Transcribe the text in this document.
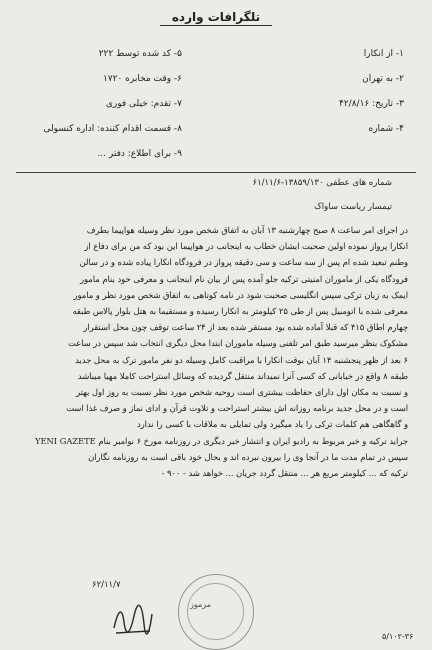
تلگرافات وارده
۱- از انکارا
۲- به تهران
۳- تاریخ: ۴۲/۸/۱۶
۴- شماره
۵- کد شده توسط ۲۲۲
۶- وقت مخابره ۱۷۲۰
۷- تقدم: خیلی فوری
۸- قسمت اقدام کننده: اداره کنسولی
۹- برای اطلاع: دفتر ...
شماره های عطفی ۱۳۸۵۹/۱۳۰-۶۱/۱۱/۶
تیمسار ریاست ساواک
در اجرای امر ساعت ۸ صبح چهارشنبه ۱۳ آبان به اتفاق شخص مورد نظر وسیله هواپیما بطرف
انکارا پرواز نموده اولین صحبت ایشان خطاب به اینجانب در هواپیما این بود که من برای دفاع از
وطنم تبعید شده ام پس از سه ساعت و سی دقیقه پرواز در فرودگاه انکارا پیاده شده و در سالن
فرودگاه یکی از ماموران امنیتی ترکیه جلو آمده پس از بیان نام اینجانب و معرفی خود بنام مامور
ایمک به زبان ترکی سپس انگلیسی صحبت شود در نامه کوتاهی به اتفاق شخص مورد نظر و مامور
معرفی شده با اتومبیل پس از طی ۲۵ کیلومتر به انکارا رسیده و مستقیما به هتل بلوار پالاس طبقه
چهارم اطاق ۴۱۵ که قبلا آماده شده بود مستقر شده بعد از ۲۴ ساعت توقف چون محل استقرار
مشکوک بنظر میرسید طبق امر تلفنی وسیله ماموران ابتدا محل دیگری انتخاب شد سپس در ساعت
۶ بعد از ظهر پنجشنبه ۱۴ آبان بوقت انکارا با مراقبت کامل وسیله دو نفر مامور ترک به محل جدید
طبقه ۸ واقع در خیابانی که کسی آنرا نمیداند منتقل گردیده که وسائل استراحت کاملا مهیا میباشد
و نسبت به مکان اول دارای حفاظت بیشتری است روحیه شخص مورد نظر نسبت به روز اول بهتر
است و در محل جدید برنامه روزانه اش بیشتر استراحت و تلاوت قرآن و ادای نماز و صرف غذا است
و گاهگاهی هم کلمات ترکی را یاد میگیرد ولی تمایلی به ملاقات با کسی را ندارد
جراید ترکیه و خبر مربوط به رادیو ایران و انتشار خبر دیگری در روزنامه مورخ ۶ نوامبر بنام YENI GAZETE
سپس در تمام مدت ما در آنجا وی را بیرون نبرده اند و بحال خود باقی است به روزنامه نگاران
ترکیه که ... کیلومتر مربع هر ... منتقل گردد جریان ... خواهد شد - ۹۰۰ -
مرموز
۶۲/۱۱/۷
۵/۱۰۲-۳۶
